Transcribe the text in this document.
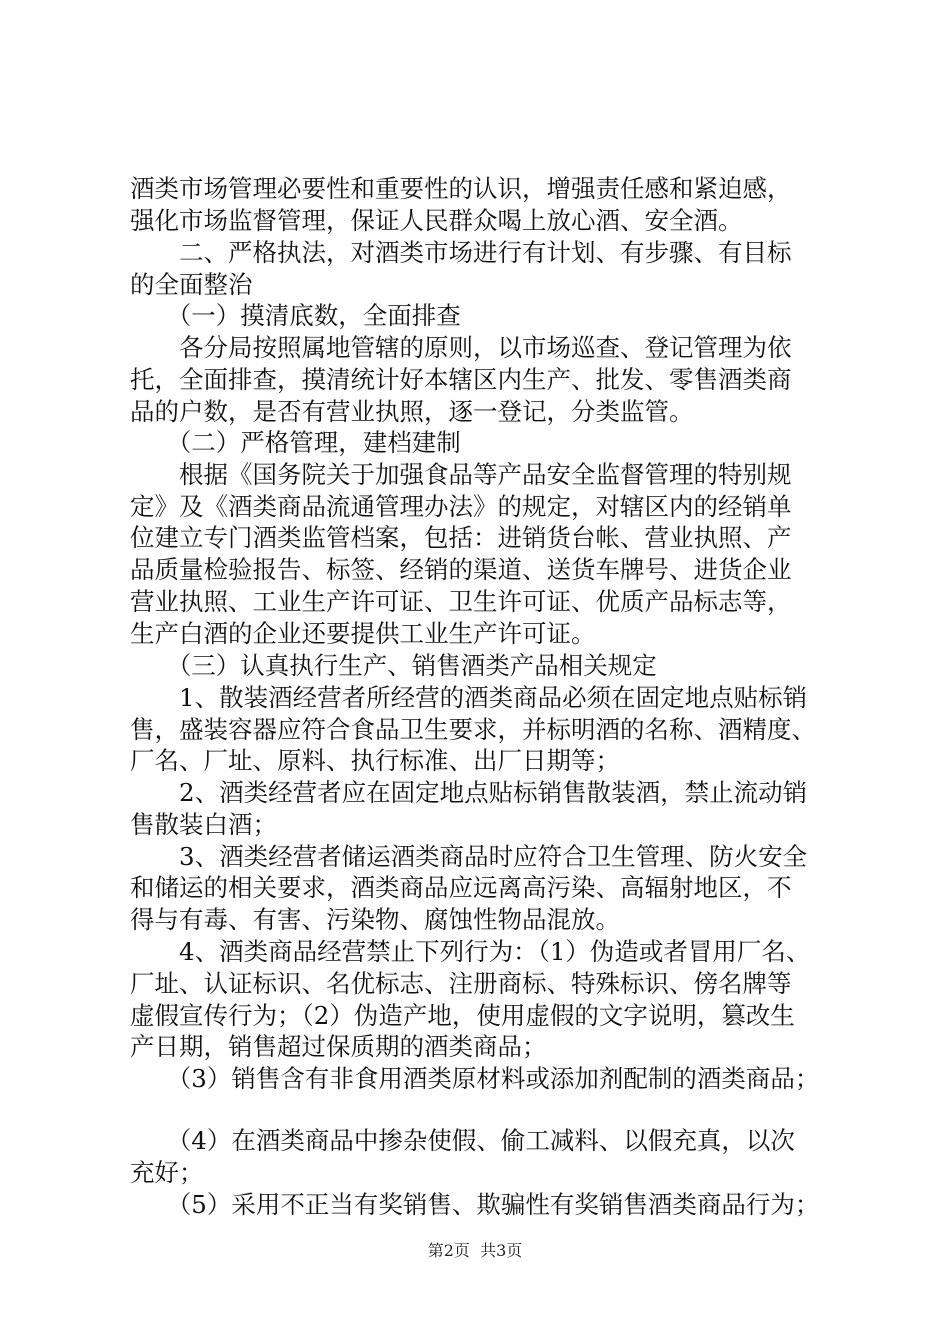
酒类市场管理必要性和重要性的认识，增强责任感和紧迫感，
强化市场监督管理，保证人民群众喝上放心酒、安全酒。
　　二、严格执法，对酒类市场进行有计划、有步骤、有目标
的全面整治
　　（一）摸清底数，全面排查
　　各分局按照属地管辖的原则，以市场巡查、登记管理为依
托，全面排查，摸清统计好本辖区内生产、批发、零售酒类商
品的户数，是否有营业执照，逐一登记，分类监管。
　　（二）严格管理，建档建制
　　根据《国务院关于加强食品等产品安全监督管理的特别规
定》及《酒类商品流通管理办法》的规定，对辖区内的经销单
位建立专门酒类监管档案，包括：进销货台帐、营业执照、产
品质量检验报告、标签、经销的渠道、送货车牌号、进货企业
营业执照、工业生产许可证、卫生许可证、优质产品标志等，
生产白酒的企业还要提供工业生产许可证。
　　（三）认真执行生产、销售酒类产品相关规定
　　1、散装酒经营者所经营的酒类商品必须在固定地点贴标销
售，盛装容器应符合食品卫生要求，并标明酒的名称、酒精度、
厂名、厂址、原料、执行标准、出厂日期等；
　　2、酒类经营者应在固定地点贴标销售散装酒，禁止流动销
售散装白酒；
　　3、酒类经营者储运酒类商品时应符合卫生管理、防火安全
和储运的相关要求，酒类商品应远离高污染、高辐射地区，不
得与有毒、有害、污染物、腐蚀性物品混放。
　　4、酒类商品经营禁止下列行为：（1）伪造或者冒用厂名、
厂址、认证标识、名优标志、注册商标、特殊标识、傍名牌等
虚假宣传行为；（2）伪造产地，使用虚假的文字说明，篡改生
产日期，销售超过保质期的酒类商品；
　　（3）销售含有非食用酒类原材料或添加剂配制的酒类商品；
　　（4）在酒类商品中掺杂使假、偷工减料、以假充真，以次
充好；
　　（5）采用不正当有奖销售、欺骗性有奖销售酒类商品行为；
第2页  共3页
